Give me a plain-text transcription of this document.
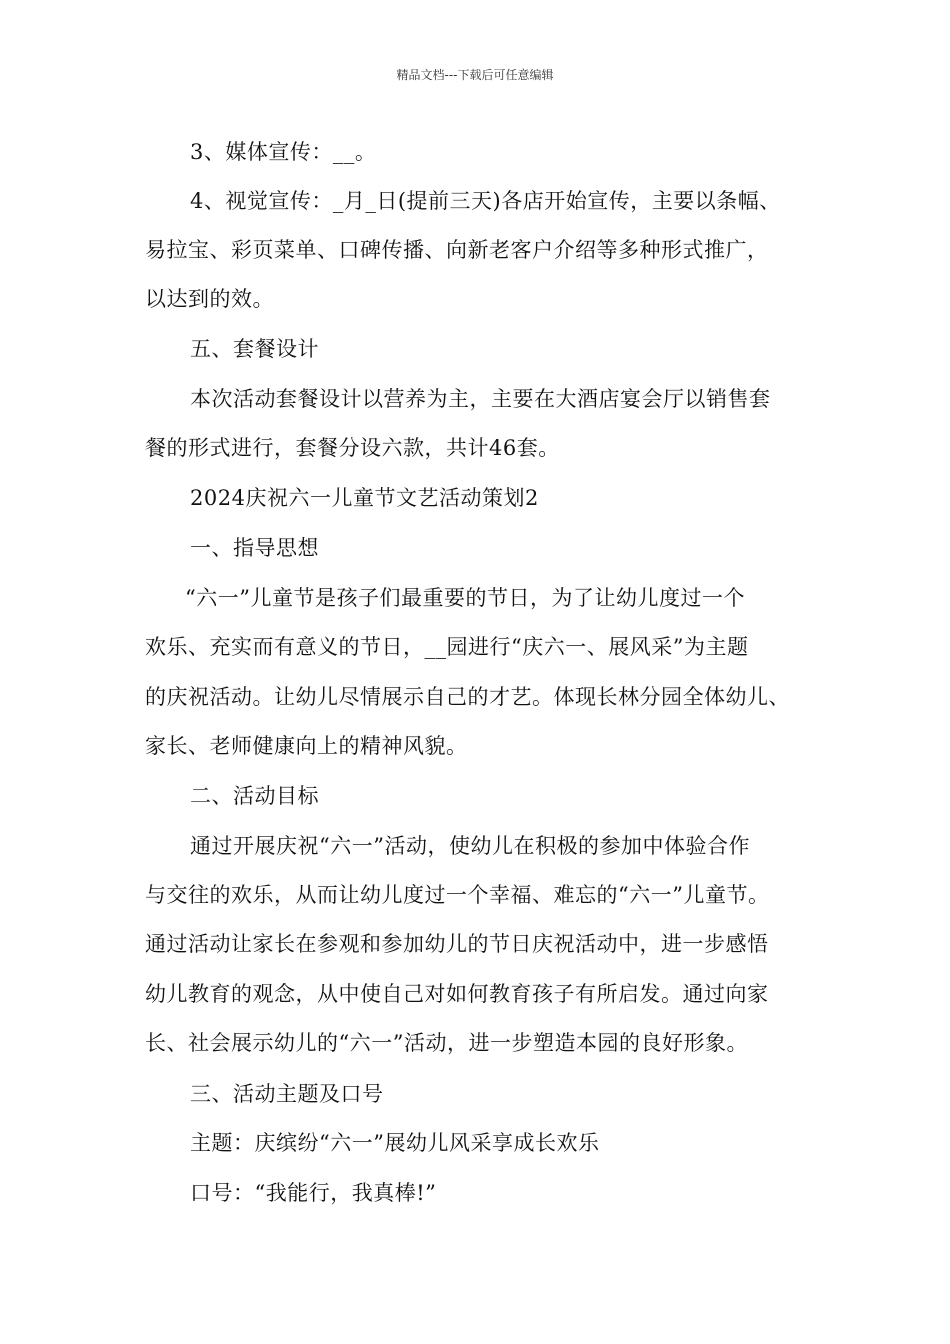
精品文档---下载后可任意编辑
3、媒体宣传：__。
4、视觉宣传：_月_日(提前三天)各店开始宣传，主要以条幅、
易拉宝、彩页菜单、口碑传播、向新老客户介绍等多种形式推广，
以达到的效。
五、套餐设计
本次活动套餐设计以营养为主，主要在大酒店宴会厅以销售套
餐的形式进行，套餐分设六款，共计46套。
2024庆祝六一儿童节文艺活动策划2
一、指导思想
“六一”儿童节是孩子们最重要的节日，为了让幼儿度过一个
欢乐、充实而有意义的节日，__园进行“庆六一、展风采”为主题
的庆祝活动。让幼儿尽情展示自己的才艺。体现长林分园全体幼儿、
家长、老师健康向上的精神风貌。
二、活动目标
通过开展庆祝“六一”活动，使幼儿在积极的参加中体验合作
与交往的欢乐，从而让幼儿度过一个幸福、难忘的“六一”儿童节。
通过活动让家长在参观和参加幼儿的节日庆祝活动中，进一步感悟
幼儿教育的观念，从中使自己对如何教育孩子有所启发。通过向家
长、社会展示幼儿的“六一”活动，进一步塑造本园的良好形象。
三、活动主题及口号
主题：庆缤纷“六一”展幼儿风采享成长欢乐
口号：“我能行，我真棒!”
